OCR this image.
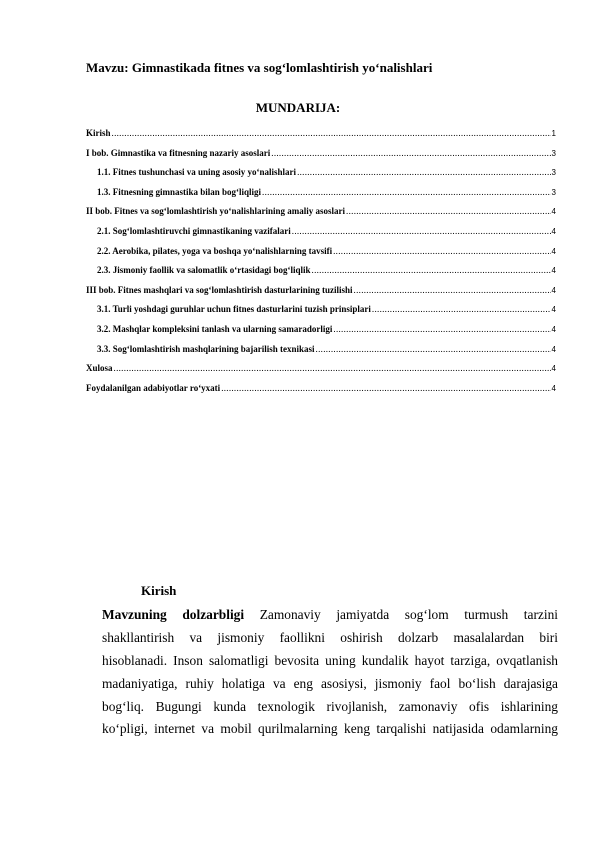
Mavzu: Gimnastikada fitnes va sog‘lomlashtirish yo‘nalishlari
MUNDARIJA:
Kirish .....	1
I bob. Gimnastika va fitnesning nazariy asoslari .....	3
1.1. Fitnes tushunchasi va uning asosiy yo‘nalishlari .....	3
1.3. Fitnesning gimnastika bilan bog‘liqligi .....	3
II bob. Fitnes va sog‘lomlashtirish yo‘nalishlarining amaliy asoslari .....	4
2.1. Sog‘lomlashtiruvchi gimnastikaning vazifalari .....	4
2.2. Aerobika, pilates, yoga va boshqa yo‘nalishlarning tavsifi .....	4
2.3. Jismoniy faollik va salomatlik o‘rtasidagi bog‘liqlik .....	4
III bob. Fitnes mashqlari va sog‘lomlashtirish dasturlarining tuzilishi .....	4
3.1. Turli yoshdagi guruhlar uchun fitnes dasturlarini tuzish prinsiplari .....	4
3.2. Mashqlar kompleksini tanlash va ularning samaradorligi .....	4
3.3. Sog‘lomlashtirish mashqlarining bajarilish texnikasi .....	4
Xulosa .....	4
Foydalanilgan adabiyotlar ro‘yxati .....	4
Kirish
Mavzuning dolzarbligi Zamonaviy jamiyatda sog‘lom turmush tarzini
shakllantirish va jismoniy faollikni oshirish dolzarb masalalardan biri
hisoblanadi. Inson salomatligi bevosita uning kundalik hayot tarziga, ovqatlanish
madaniyatiga, ruhiy holatiga va eng asosiysi, jismoniy faol bo‘lish darajasiga
bog‘liq. Bugungi kunda texnologik rivojlanish, zamonaviy ofis ishlarining
ko‘pligi, internet va mobil qurilmalarning keng tarqalishi natijasida odamlarning
